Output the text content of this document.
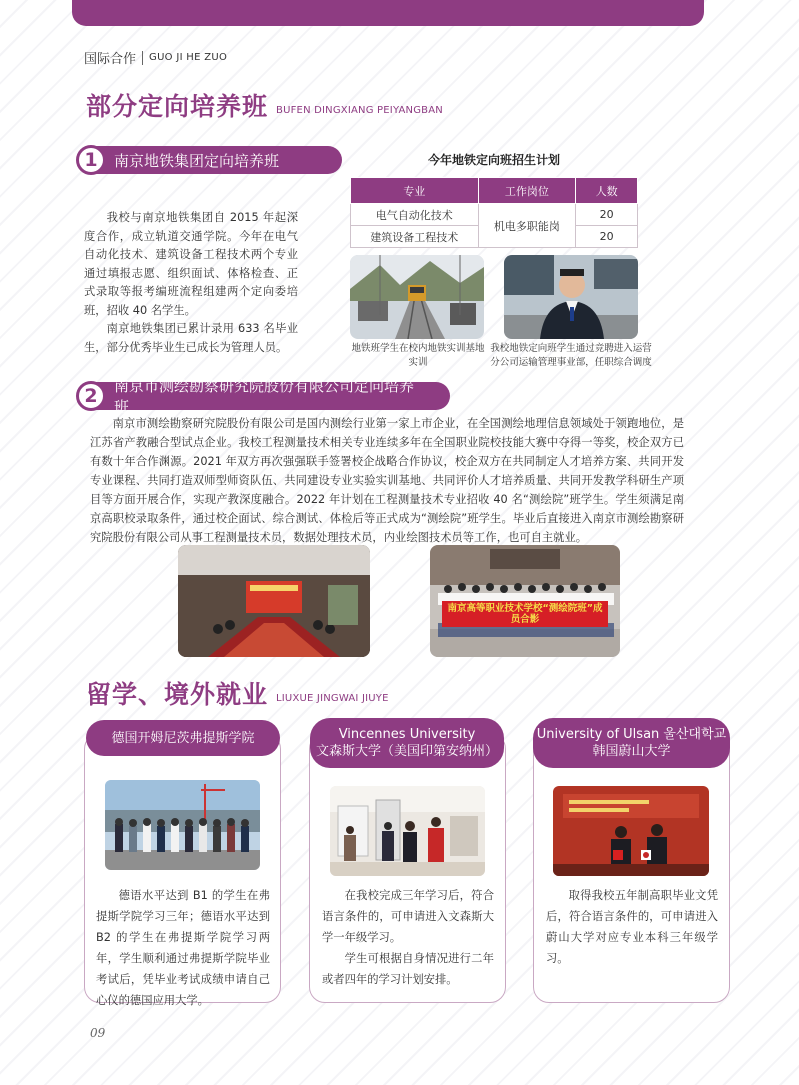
国际合作 GUO JI HE ZUO
部分定向培养班 BUFEN DINGXIANG PEIYANGBAN
1	南京地铁集团定向培养班	今年地铁定向班招生计划
专业	工作岗位	人数
电气自动化技术	机电多职能岗	20
建筑设备工程技术		20

我校与南京地铁集团自 2015 年起深度合作，成立轨道交通学院。今年在电气自动化技术、建筑设备工程技术两个专业通过填报志愿、组织面试、体格检查、正式录取等报考编班流程组建两个定向委培班，招收 40 名学生。

南京地铁集团已累计录用 633 名毕业生，部分优秀毕业生已成长为管理人员。	地铁班学生在校内地铁实训基地实训
我校地铁定向班学生通过竞聘进入运营分公司运输管理事业部，任职综合调度
2	南京市测绘勘察研究院股份有限公司定向培养班

南京市测绘勘察研究院股份有限公司是国内测绘行业第一家上市企业，在全国测绘地理信息领域处于领跑地位，是江苏省产教融合型试点企业。我校工程测量技术相关专业连续多年在全国职业院校技能大赛中夺得一等奖，校企双方已有数十年合作渊源。2021 年双方再次强强联手签署校企战略合作协议，校企双方在共同制定人才培养方案、共同开发专业课程、共同打造双师型师资队伍、共同建设专业实验实训基地、共同评价人才培养质量、共同开发教学科研生产项目等方面开展合作，实现产教深度融合。2022 年计划在工程测量技术专业招收 40 名“测绘院”班学生。学生须满足南京高职校录取条件，通过校企面试、综合测试、体检后等正式成为“测绘院”班学生。毕业后直接进入南京市测绘勘察研究院股份有限公司从事工程测量技术员，数据处理技术员，内业绘图技术员等工作，也可自主就业。

南京高等职业技术学校“测绘院班”成员合影
留学、境外就业 LIUXUE JINGWAI JIUYE
德国开姆尼茨弗提斯学院

德语水平达到 B1 的学生在弗提斯学院学习三年；德语水平达到 B2 的学生在弗提斯学院学习两年，学生顺利通过弗提斯学院毕业考试后，凭毕业考试成绩申请自己心仪的德国应用大学。

Vincennes University
文森斯大学（美国印第安纳州）

在我校完成三年学习后，符合语言条件的，可申请进入文森斯大学一年级学习。

学生可根据自身情况进行二年或者四年的学习计划安排。

University of Ulsan 울산대학교
韩国蔚山大学

取得我校五年制高职毕业文凭后，符合语言条件的，可申请进入蔚山大学对应专业本科三年级学习。

09
